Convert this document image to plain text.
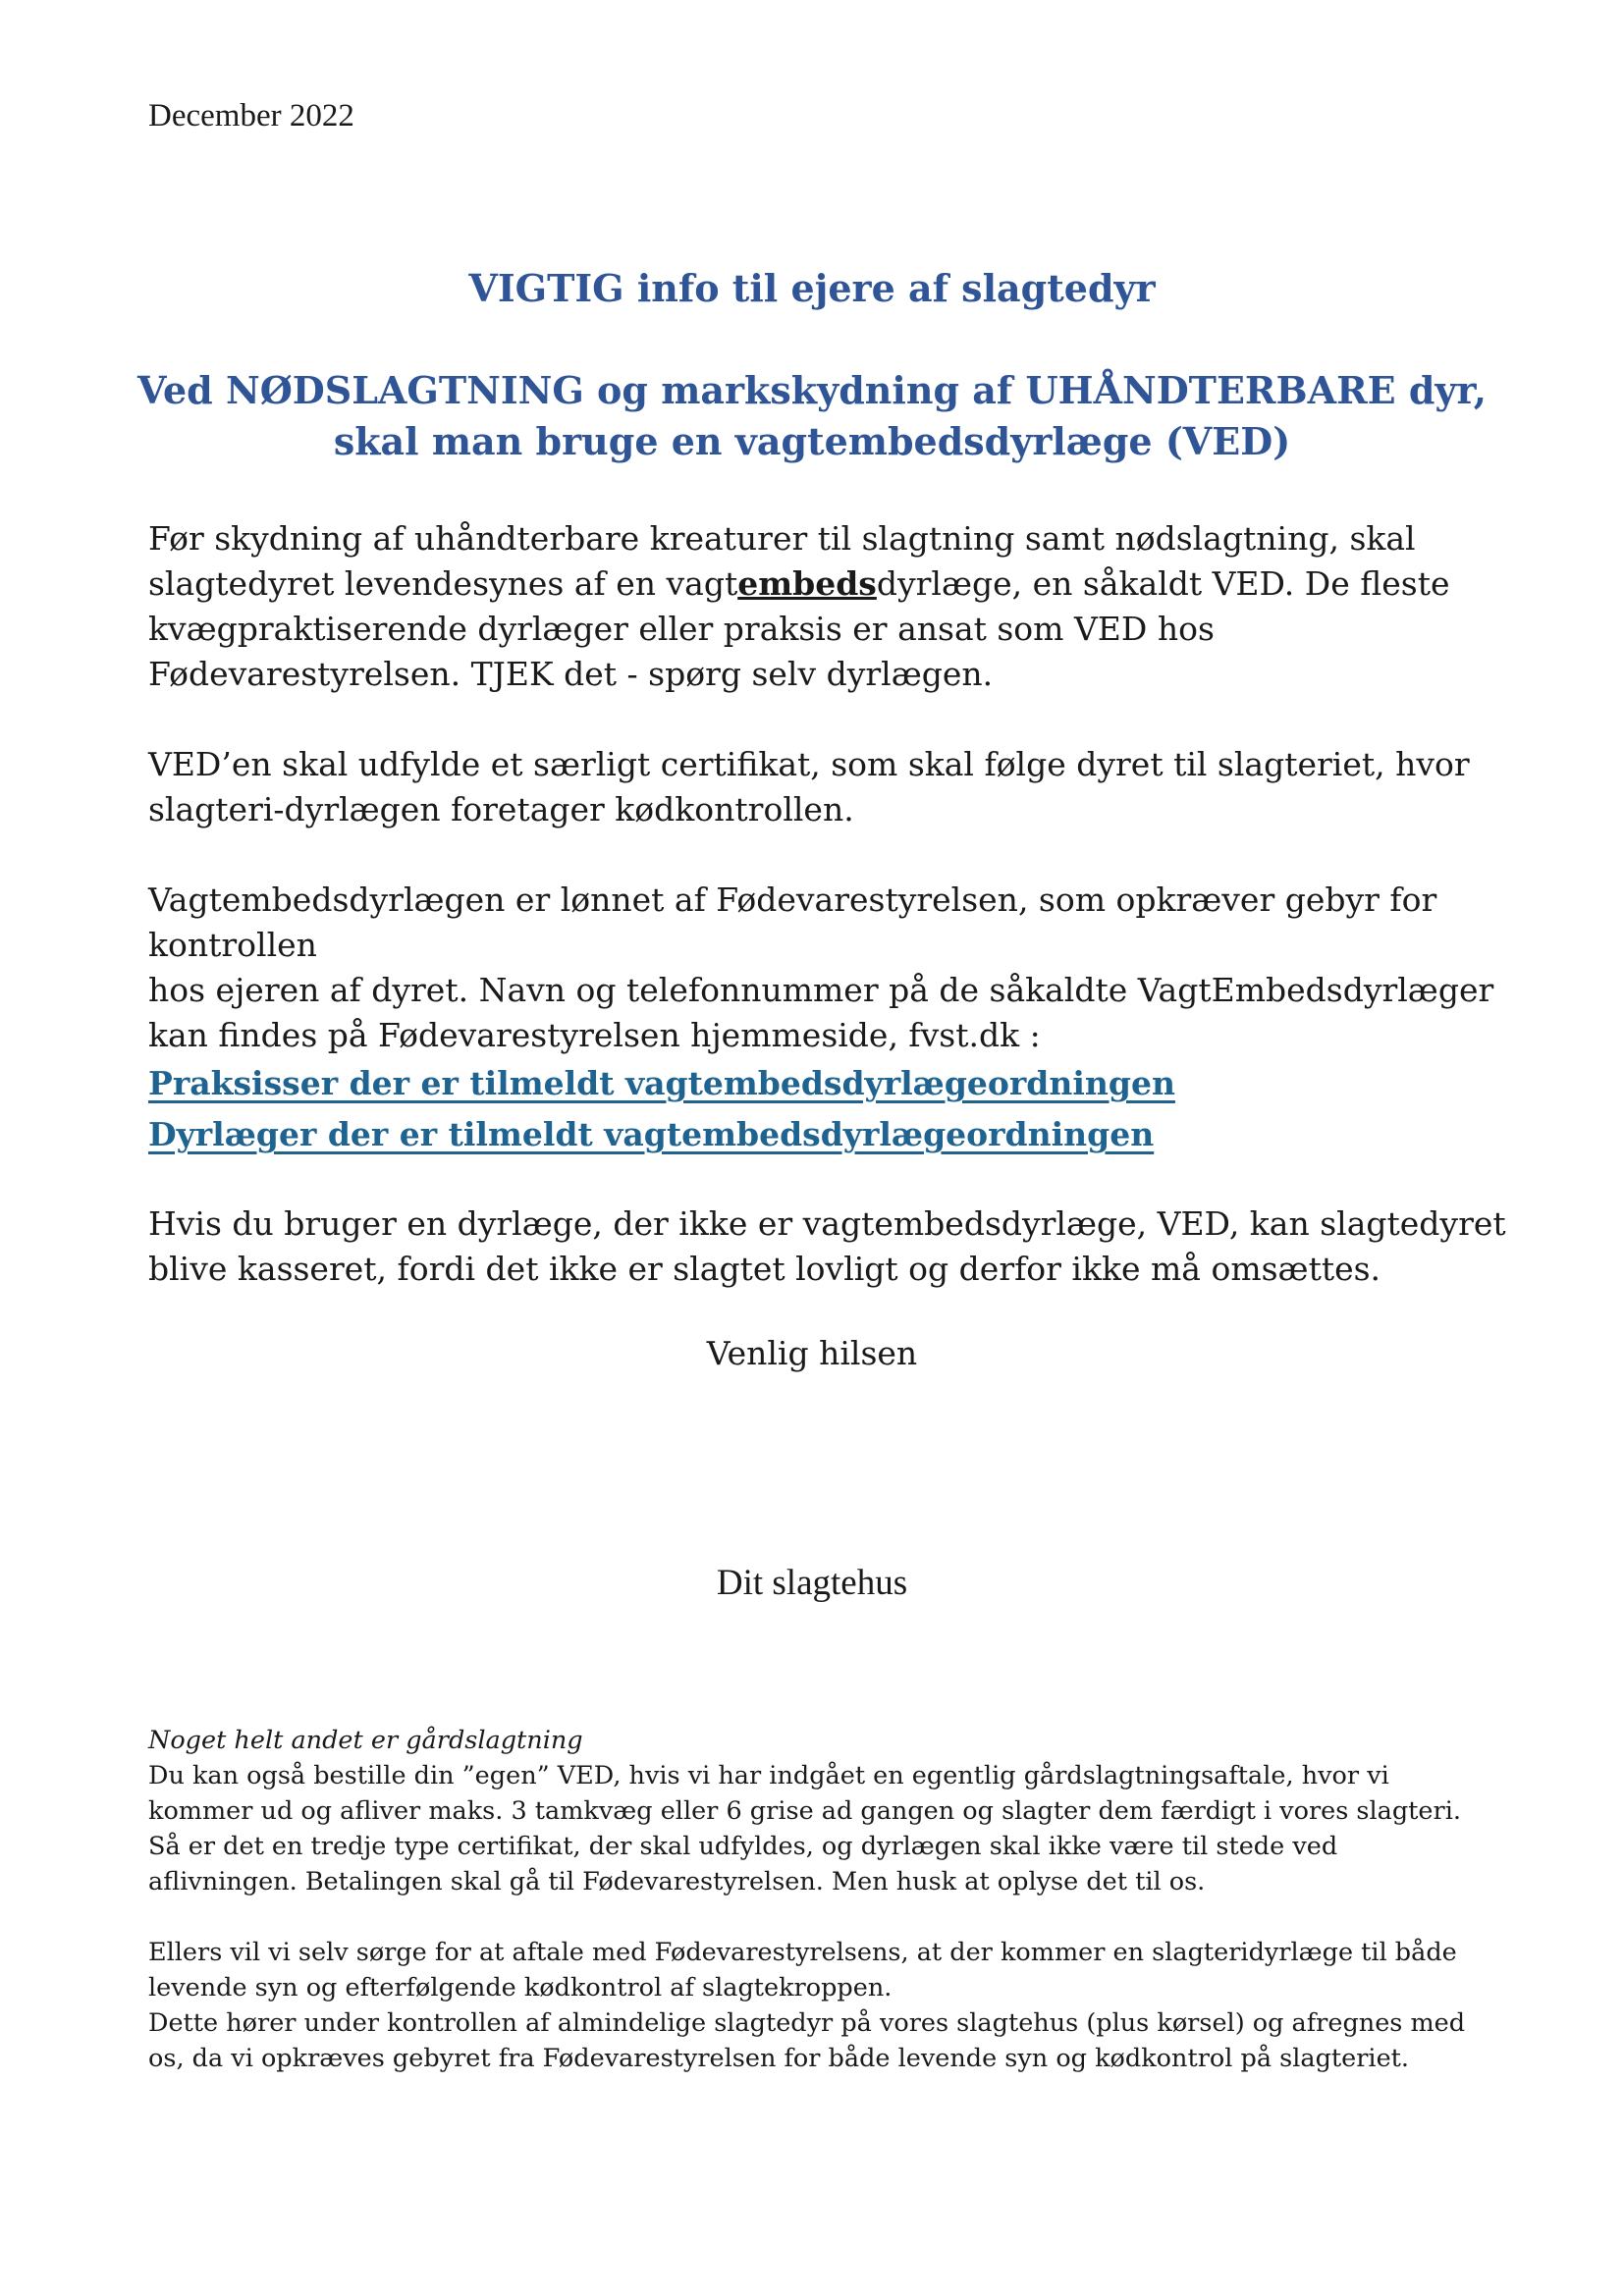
December 2022
VIGTIG info til ejere af slagtedyr
Ved NØDSLAGTNING og markskydning af UHÅNDTERBARE dyr,
skal man bruge en vagtembedsdyrlæge (VED)
Før skydning af uhåndterbare kreaturer til slagtning samt nødslagtning, skal
slagtedyret levendesynes af en vagtembedsdyrlæge, en såkaldt VED. De fleste
kvægpraktiserende dyrlæger eller praksis er ansat som VED hos
Fødevarestyrelsen. TJEK det - spørg selv dyrlægen.
VED’en skal udfylde et særligt certifikat, som skal følge dyret til slagteriet, hvor
slagteri-dyrlægen foretager kødkontrollen.
Vagtembedsdyrlægen er lønnet af Fødevarestyrelsen, som opkræver gebyr for
kontrollen
hos ejeren af dyret. Navn og telefonnummer på de såkaldte VagtEmbedsdyrlæger
kan findes på Fødevarestyrelsen hjemmeside, fvst.dk :
Praksisser der er tilmeldt vagtembedsdyrlægeordningen
Dyrlæger der er tilmeldt vagtembedsdyrlægeordningen
Hvis du bruger en dyrlæge, der ikke er vagtembedsdyrlæge, VED, kan slagtedyret
blive kasseret, fordi det ikke er slagtet lovligt og derfor ikke må omsættes.
Venlig hilsen
Dit slagtehus
Noget helt andet er gårdslagtning
Du kan også bestille din ”egen” VED, hvis vi har indgået en egentlig gårdslagtningsaftale, hvor vi
kommer ud og afliver maks. 3 tamkvæg eller 6 grise ad gangen og slagter dem færdigt i vores slagteri.
Så er det en tredje type certifikat, der skal udfyldes, og dyrlægen skal ikke være til stede ved
aflivningen. Betalingen skal gå til Fødevarestyrelsen. Men husk at oplyse det til os.
Ellers vil vi selv sørge for at aftale med Fødevarestyrelsens, at der kommer en slagteridyrlæge til både
levende syn og efterfølgende kødkontrol af slagtekroppen.
Dette hører under kontrollen af almindelige slagtedyr på vores slagtehus (plus kørsel) og afregnes med
os, da vi opkræves gebyret fra Fødevarestyrelsen for både levende syn og kødkontrol på slagteriet.
